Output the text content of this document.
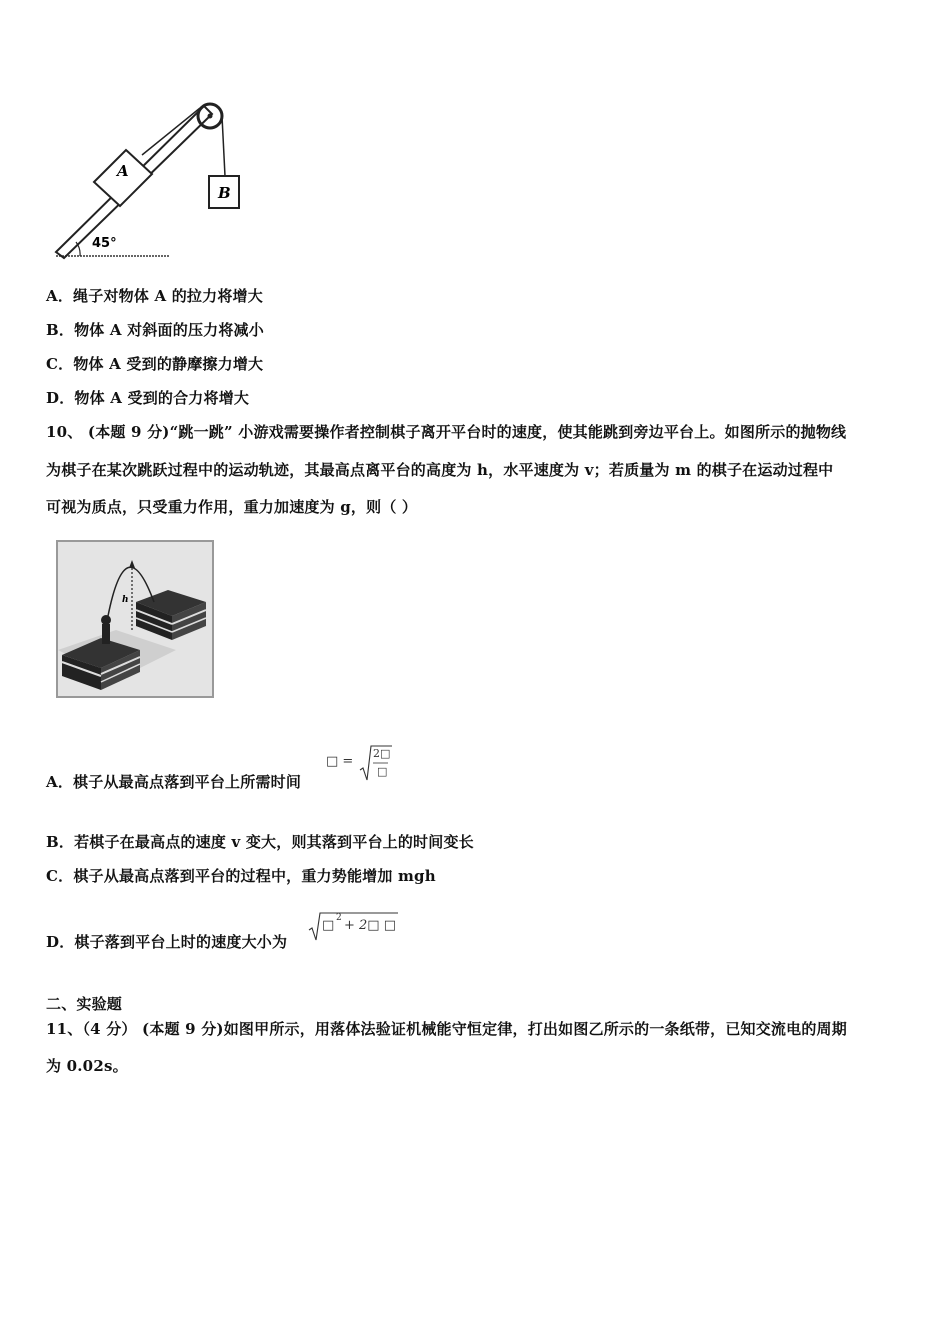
A
B
45°
A．绳子对物体 A 的拉力将增大
B．物体 A 对斜面的压力将减小
C．物体 A 受到的静摩擦力增大
D．物体 A 受到的合力将增大
10、 (本题 9 分)“跳一跳” 小游戏需要操作者控制棋子离开平台时的速度，使其能跳到旁边平台上。如图所示的抛物线
为棋子在某次跳跃过程中的运动轨迹，其最高点离平台的高度为 h，水平速度为 v；若质量为 m 的棋子在运动过程中
可视为质点，只受重力作用，重力加速度为 g，则（ ）
h
A．棋子从最高点落到平台上所需时间
□ =
2□
□
B．若棋子在最高点的速度 v 变大，则其落到平台上的时间变长
C．棋子从最高点落到平台的过程中，重力势能增加 mgh
D．棋子落到平台上时的速度大小为
□ 2 + 2□ □
二、实验题
11、（4 分） (本题 9 分)如图甲所示，用落体法验证机械能守恒定律，打出如图乙所示的一条纸带，已知交流电的周期
为 0.02s。
